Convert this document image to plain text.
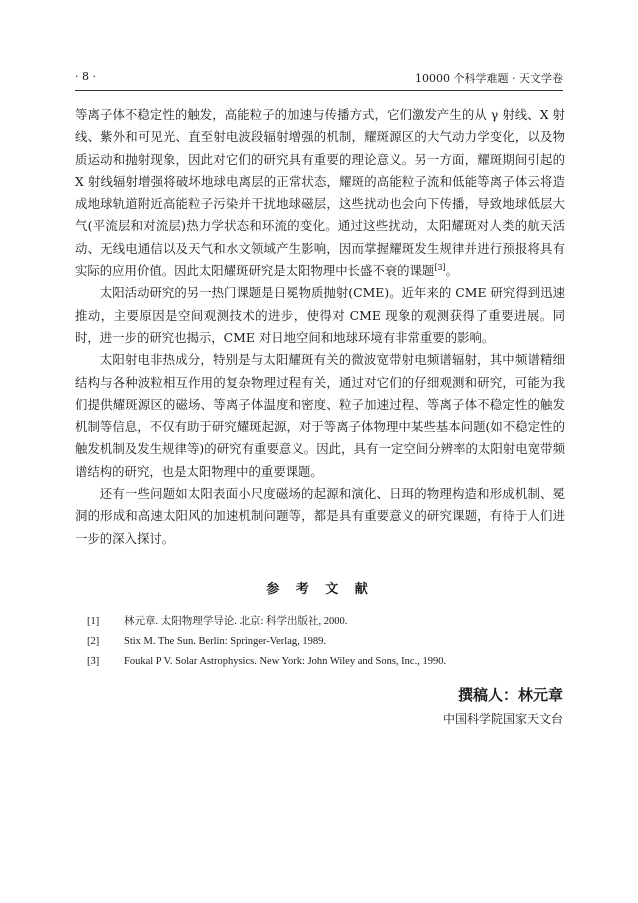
· 8 ·	10000 个科学难题 · 天文学卷

等离子体不稳定性的触发，高能粒子的加速与传播方式，它们激发产生的从 γ 射线、X 射线、紫外和可见光、直至射电波段辐射增强的机制，耀斑源区的大气动力学变化，以及物质运动和抛射现象，因此对它们的研究具有重要的理论意义。另一方面，耀斑期间引起的 X 射线辐射增强将破坏地球电离层的正常状态，耀斑的高能粒子流和低能等离子体云将造成地球轨道附近高能粒子污染并干扰地球磁层，这些扰动也会向下传播，导致地球低层大气(平流层和对流层)热力学状态和环流的变化。通过这些扰动，太阳耀斑对人类的航天活动、无线电通信以及天气和水文领域产生影响，因而掌握耀斑发生规律并进行预报将具有实际的应用价值。因此太阳耀斑研究是太阳物理中长盛不衰的课题[3]。

太阳活动研究的另一热门课题是日冕物质抛射(CME)。近年来的 CME 研究得到迅速推动，主要原因是空间观测技术的进步，使得对 CME 现象的观测获得了重要进展。同时，进一步的研究也揭示，CME 对日地空间和地球环境有非常重要的影响。

太阳射电非热成分，特别是与太阳耀斑有关的微波宽带射电频谱辐射，其中频谱精细结构与各种波粒相互作用的复杂物理过程有关，通过对它们的仔细观测和研究，可能为我们提供耀斑源区的磁场、等离子体温度和密度、粒子加速过程、等离子体不稳定性的触发机制等信息，不仅有助于研究耀斑起源，对于等离子体物理中某些基本问题(如不稳定性的触发机制及发生规律等)的研究有重要意义。因此，具有一定空间分辨率的太阳射电宽带频谱结构的研究，也是太阳物理中的重要课题。

还有一些问题如太阳表面小尺度磁场的起源和演化、日珥的物理构造和形成机制、冕洞的形成和高速太阳风的加速机制问题等，都是具有重要意义的研究课题，有待于人们进一步的深入探讨。

参 考 文 献
[1] 林元章. 太阳物理学导论. 北京: 科学出版社, 2000.
[2] Stix M. The Sun. Berlin: Springer-Verlag, 1989.
[3] Foukal P V. Solar Astrophysics. New York: John Wiley and Sons, Inc., 1990.
撰稿人：林元章
中国科学院国家天文台
